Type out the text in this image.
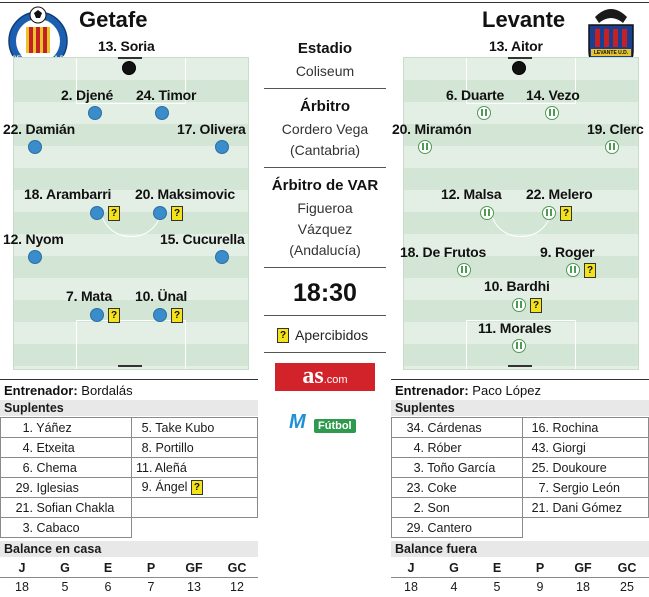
Getafe	Levante
LEVANTE U.D.
13. Soria
2. Djené 24. Timor
22. Damián	17. Olivera
18. Arambarri
?
20. Maksimovic
?
12. Nyom	15. Cucurella
7. Mata
?
10. Ünal
?
13. Aitor
6. Duarte 14. Vezo
20. Miramón	19. Clerc
12. Malsa 22. Melero
?
18. De Frutos	9. Roger
?
10. Bardhi
?
11. Morales
Estadio
Coliseum
Árbitro
Cordero Vega
(Cantabria)
Árbitro de VAR
Figueroa
Vázquez
(Andalucía)
18:30
? Apercibidos
as.com
M	Fútbol
Entrenador: Bordalás
Suplentes
1. Yáñez	5. Take Kubo
4. Etxeita	8. Portillo
6. Chema	11. Aleñá
29. Iglesias	9. Ángel ?
21. Sofian Chakla	
3. Cabaco	
Balance en casa
J	G	E	P	GF	GC
18	5	6	7	13	12
Entrenador: Paco López
Suplentes
34. Cárdenas	16. Rochina
4. Róber	43. Giorgi
3. Toño García	25. Doukoure
23. Coke	7. Sergio León
2. Son	21. Dani Gómez
29. Cantero	
Balance fuera
J	G	E	P	GF	GC
18	4	5	9	18	25
